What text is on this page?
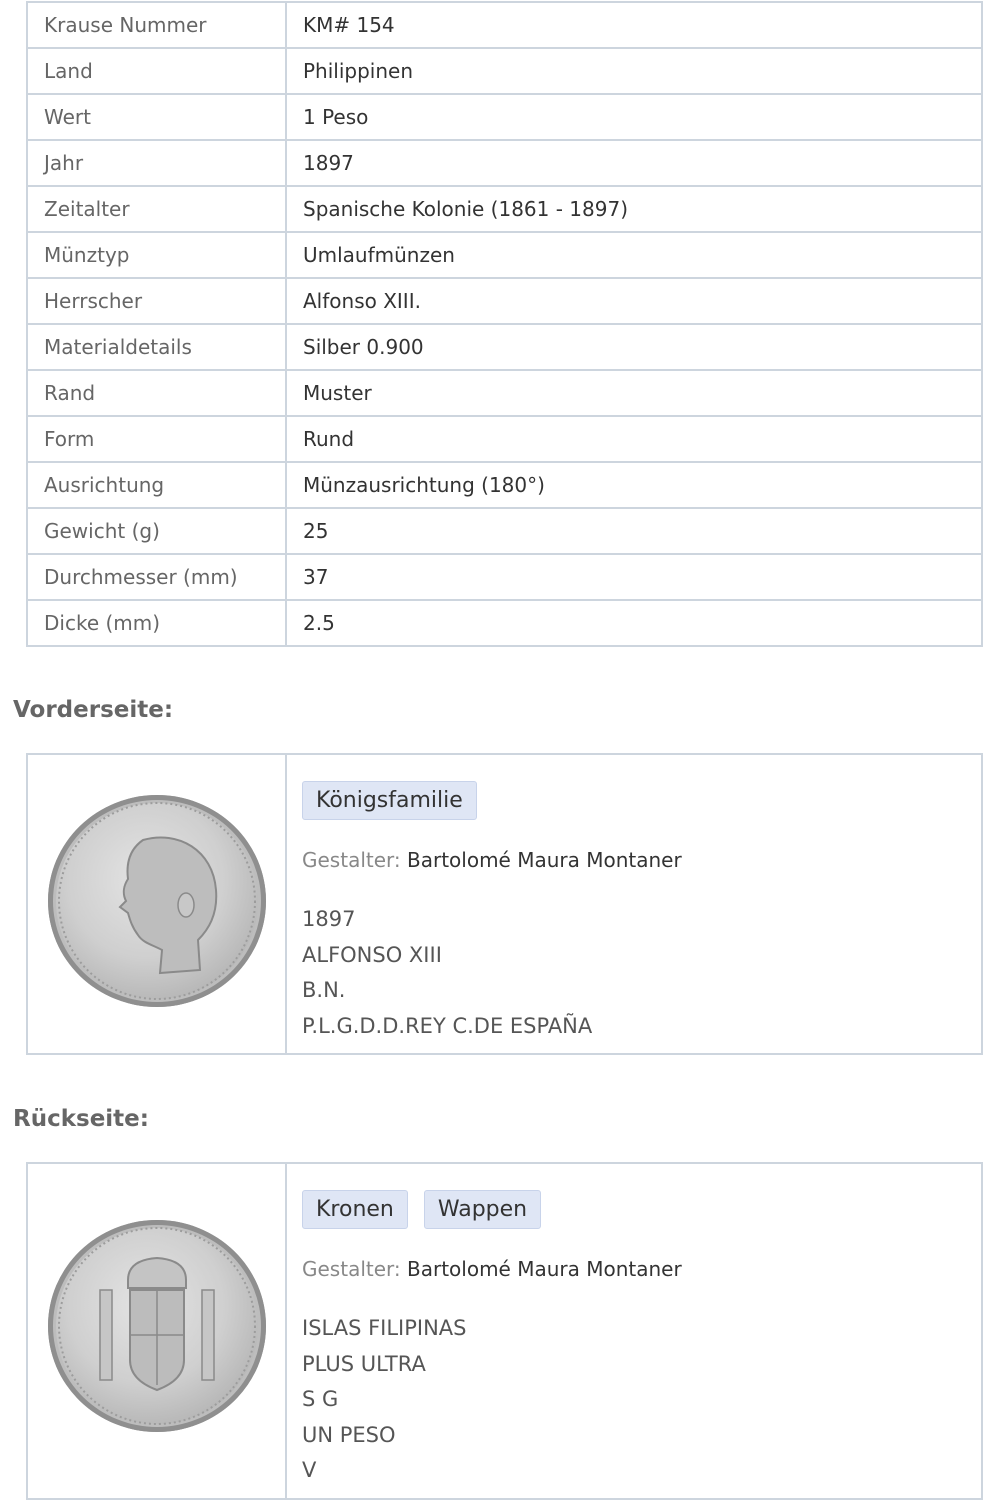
Krause Nummer	KM# 154
Land	Philippinen
Wert	1 Peso
Jahr	1897
Zeitalter	Spanische Kolonie (1861 - 1897)
Münztyp	Umlaufmünzen
Herrscher	Alfonso XIII.
Materialdetails	Silber 0.900
Rand	Muster
Form	Rund
Ausrichtung	Münzausrichtung (180°)
Gewicht (g)	25
Durchmesser (mm)	37
Dicke (mm)	2.5
Vorderseite:
Königsfamilie
Gestalter: Bartolomé Maura Montaner
1897
ALFONSO XIII
B.N.
P.L.G.D.D.REY C.DE ESPAÑA
Rückseite:
Kronen	Wappen
Gestalter: Bartolomé Maura Montaner
ISLAS FILIPINAS
PLUS ULTRA
S G
UN PESO
V
